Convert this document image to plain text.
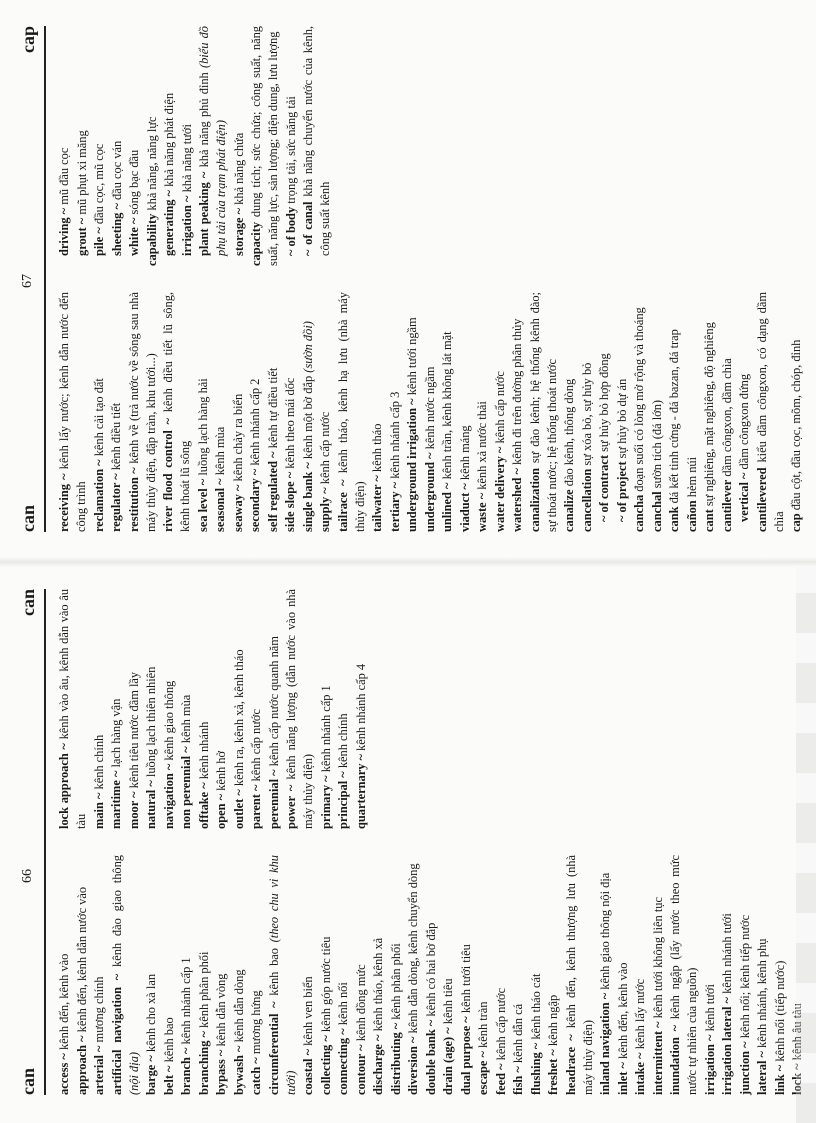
can
66
can
access ~ kênh đến, kênh vào
approach ~ kênh đến, kênh dẫn nước vào
arterial ~ mương chính artificial navigation ~ kênh đào giao thông (nội địa) barge ~ kênh cho xà lan
belt ~ kênh bao
branch ~ kênh nhánh cấp 1
branching ~ kênh phân phối
bypass ~ kênh dẫn vòng
bywash ~ kênh dẫn dòng
catch ~ mương hứng circumferential ~ kênh bao (theo chu vi khu tưới) coastal ~ kênh ven biển
collecting ~ kênh góp nước tiêu
connecting ~ kênh nối
contour ~ kênh đồng mức
discharge ~ kênh tháo, kênh xả
distributing ~ kênh phân phối
diversion ~ kênh dẫn dòng, kênh chuyển dòng
double bank ~ kênh có hai bờ đắp
drain (age) ~ kênh tiêu
dual purpose ~ kênh tưới tiêu
escape ~ kênh tràn
feed ~ kênh cấp nước
fish ~ kênh dẫn cá
flushing ~ kênh tháo cát
freshet ~ kênh ngập
headrace ~ kênh đến, kênh thượng lưu (nhà máy thủy điện) inland navigation ~ kênh giao thông nội địa
inlet ~ kênh đến, kênh vào
intake ~ kênh lấy nước
intermittent ~ kênh tưới không liên tục
inundation ~ kênh ngập (lấy nước theo mức nước tự nhiên của nguồn) irrigation ~ kênh tưới irrigation lateral ~ kênh nhánh tưới
junction ~ kênh nối; kênh tiếp nước
lateral ~ kênh nhánh, kênh phụ
link ~ kênh nối (tiếp nước)
lock ~ kênh âu tàu
lock approach ~ kênh vào âu, kênh dẫn vào âu tàu main ~ kênh chính
maritime ~ lạch hàng vận
moor ~ kênh tiêu nước đầm lầy
natural ~ luồng lạch thiên nhiên
navigation ~ kênh giao thông
non perennial ~ kênh mùa
offtake ~ kênh nhánh
open ~ kênh hở
outlet ~ kênh ra, kênh xả, kênh tháo
parent ~ kênh cấp nước
perennial ~ kênh cấp nước quanh năm
power ~ kênh năng lượng (dẫn nước vào nhà máy thủy điện) primary ~ kênh nhánh cấp 1
principal ~ kênh chính
quarternary ~ kênh nhánh cấp 4
can
67
cap
receiving ~ kênh lấy nước; kênh dẫn nước đến công trình reclamation ~ kênh cải tạo đất
regulator ~ kênh điều tiết
restitution ~ kênh về (trả nước về sông sau nhà máy thủy điện, đập tràn, khu tưới...) river flood control ~ kênh điều tiết lũ sông, kênh thoát lũ sông sea level ~ luồng lạch hàng hải
seasonal ~ kênh mùa
seaway ~ kênh chảy ra biển
secondary ~ kênh nhánh cấp 2
self regulated ~ kênh tự điều tiết
side slope ~ kênh theo mái dốc
single bank ~ kênh một bờ đắp (sườn đồi)
supply ~ kênh cấp nước
tailrace ~ kênh tháo, kênh hạ lưu (nhà máy thủy điện) tailwater ~ kênh tháo
tertiary ~ kênh nhánh cấp 3 underground irrigation ~ kênh tưới ngầm
underground ~ kênh nước ngầm
unlined ~ kênh trần, kênh không lát mặt
viaduct ~ kênh máng
waste ~ kênh xả nước thải water delivery ~ kênh cấp nước
watershed ~ kênh đi trên đường phân thủy
canalization sự đào kênh; hệ thống kênh đào; sự thoát nước; hệ thống thoát nước canalize đào kênh, thông dòng
cancellation sự xóa bỏ, sự hủy bỏ
~ of contract sự hủy bỏ hợp đồng
~ of project sự hủy bỏ dự án
cancha đoạn suối có lòng mở rộng và thoáng
canchal sườn tích (đá lớn)
cank đá kết tinh cứng - đá bazan, đá trap
cañon hẻm núi
cant sự nghiêng, mặt nghiêng, độ nghiêng cantilever dầm côngxon, dầm chìa
vertical ~ dầm côngxon đứng
cantilevered kiểu dầm côngxon, có dạng dầm chìa cap đầu cột, đầu cọc, mõm, chóp, đỉnh
driving ~ mũ đầu cọc
grout ~ mũ phụt xi măng
pile ~ đầu cọc, mũ cọc
sheeting ~ đầu cọc ván
white ~ sóng bạc đầu
capability khả năng, năng lực
generating ~ khả năng phát điện
irrigation ~ khả năng tưới
plant peaking ~ khả năng phủ đỉnh (biểu đồ phụ tải của trạm phát điện) storage ~ khả năng chứa
capacity dung tích; sức chứa; công suất, năng suất, năng lực, sản lượng; điện dung, lưu lượng ~ of body trọng tải, sức năng tải
~ of canal khả năng chuyển nước của kênh, công suất kênh
